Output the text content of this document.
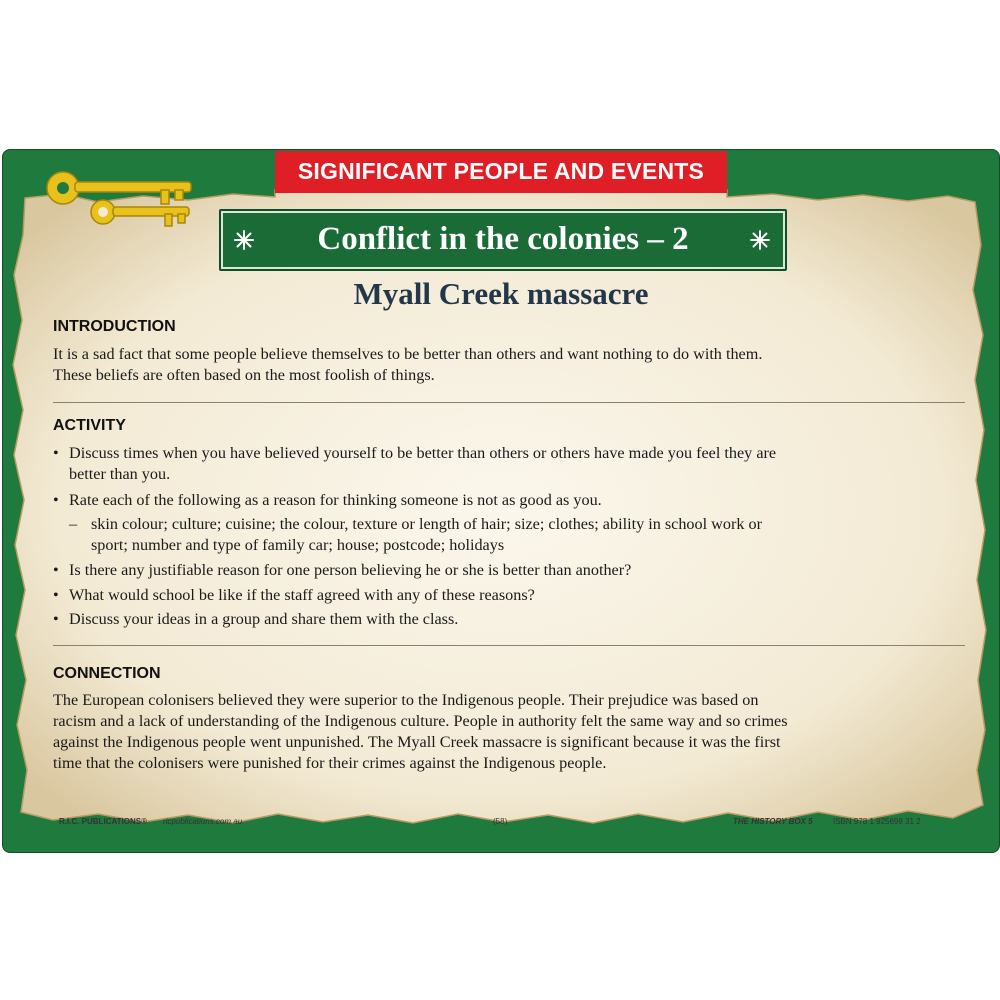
SIGNIFICANT PEOPLE AND EVENTS
Conflict in the colonies – 2
Myall Creek massacre
INTRODUCTION
It is a sad fact that some people believe themselves to be better than others and want nothing to do with them.
These beliefs are often based on the most foolish of things.
ACTIVITY
• Discuss times when you have believed yourself to be better than others or others have made you feel they are
better than you.
• Rate each of the following as a reason for thinking someone is not as good as you.
– skin colour; culture; cuisine; the colour, texture or length of hair; size; clothes; ability in school work or
sport; number and type of family car; house; postcode; holidays
• Is there any justifiable reason for one person believing he or she is better than another?
• What would school be like if the staff agreed with any of these reasons?
• Discuss your ideas in a group and share them with the class.
CONNECTION
The European colonisers believed they were superior to the Indigenous people. Their prejudice was based on
racism and a lack of understanding of the Indigenous culture. People in authority felt the same way and so crimes
against the Indigenous people went unpunished. The Myall Creek massacre is significant because it was the first
time that the colonisers were punished for their crimes against the Indigenous people.
R.I.C. PUBLICATIONS® ricpublications.com.au	(58)	THE HISTORY BOX 5	ISBN 978 1 925698 31 2
